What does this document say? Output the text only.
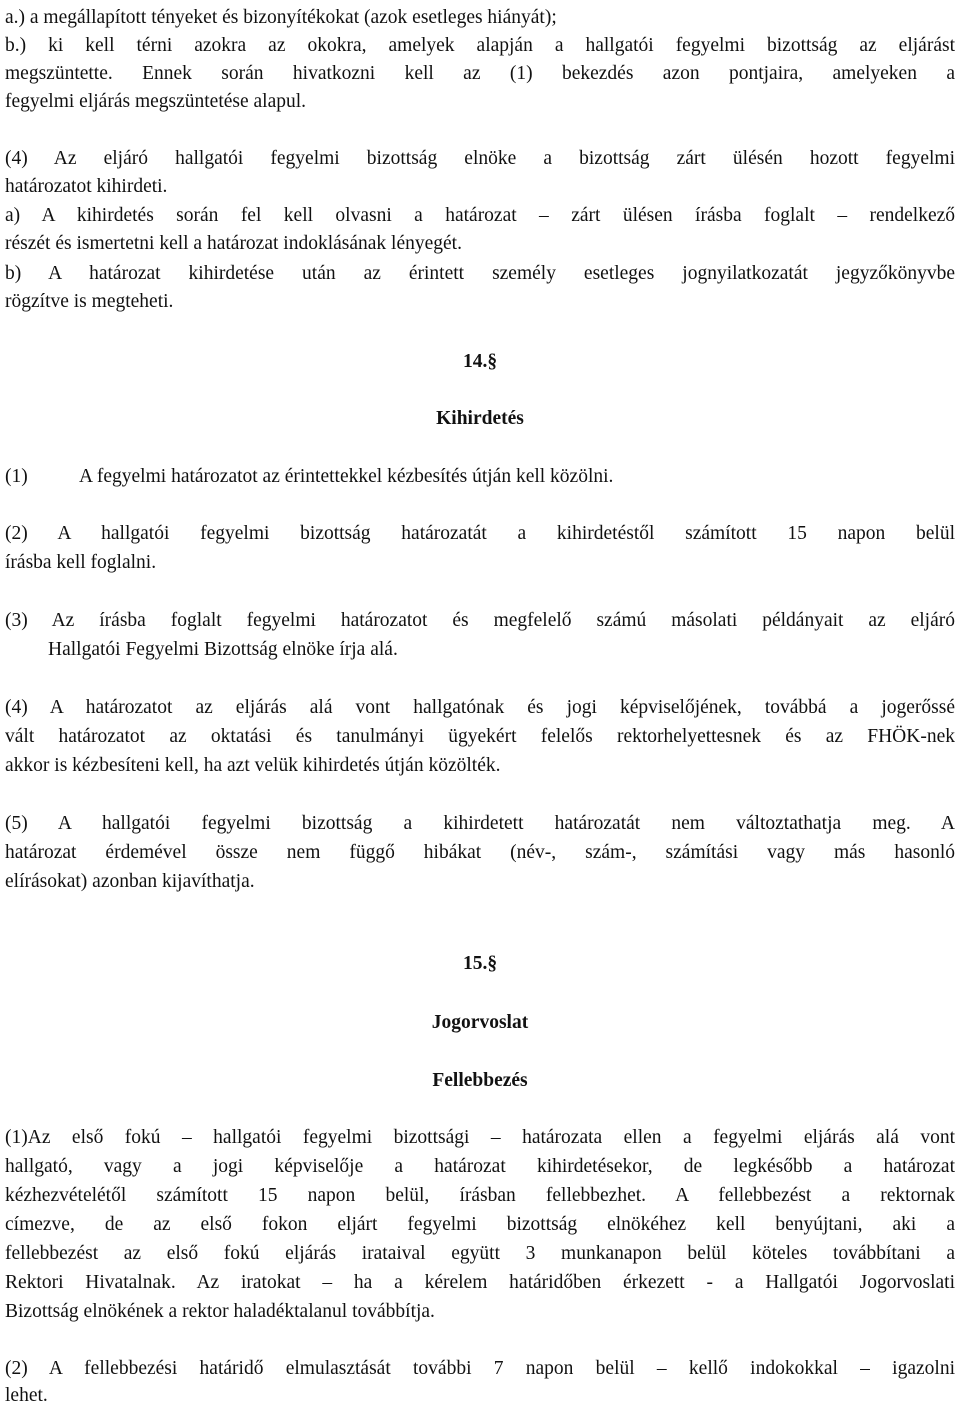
a.) a megállapított tényeket és bizonyítékokat (azok esetleges hiányát);
b.) ki kell térni azokra az okokra, amelyek alapján a hallgatói fegyelmi bizottság az eljárást
megszüntette. Ennek során hivatkozni kell az (1) bekezdés azon pontjaira, amelyeken a
fegyelmi eljárás megszüntetése alapul.
(4) Az eljáró hallgatói fegyelmi bizottság elnöke a bizottság zárt ülésén hozott fegyelmi
határozatot kihirdeti.
a) A kihirdetés során fel kell olvasni a határozat – zárt ülésen írásba foglalt – rendelkező
részét és ismertetni kell a határozat indoklásának lényegét.
b) A határozat kihirdetése után az érintett személy esetleges jognyilatkozatát jegyzőkönyvbe
rögzítve is megteheti.
14.§
Kihirdetés
(1)	A fegyelmi határozatot az érintettekkel kézbesítés útján kell közölni.
(2) A hallgatói fegyelmi bizottság határozatát a kihirdetéstől számított 15 napon belül
írásba kell foglalni.
(3) Az írásba foglalt fegyelmi határozatot és megfelelő számú másolati példányait az eljáró
Hallgatói Fegyelmi Bizottság elnöke írja alá.
(4) A határozatot az eljárás alá vont hallgatónak és jogi képviselőjének, továbbá a jogerőssé
vált határozatot az oktatási és tanulmányi ügyekért felelős rektorhelyettesnek és az FHÖK-nek
akkor is kézbesíteni kell, ha azt velük kihirdetés útján közölték.
(5) A hallgatói fegyelmi bizottság a kihirdetett határozatát nem változtathatja meg. A
határozat érdemével össze nem függő hibákat (név-, szám-, számítási vagy más hasonló
elírásokat) azonban kijavíthatja.
15.§
Jogorvoslat
Fellebbezés
(1)Az első fokú – hallgatói fegyelmi bizottsági – határozata ellen a fegyelmi eljárás alá vont
hallgató, vagy a jogi képviselője a határozat kihirdetésekor, de legkésőbb a határozat
kézhezvételétől számított 15 napon belül, írásban fellebbezhet. A fellebbezést a rektornak
címezve, de az első fokon eljárt fegyelmi bizottság elnökéhez kell benyújtani, aki a
fellebbezést az első fokú eljárás irataival együtt 3 munkanapon belül köteles továbbítani a
Rektori Hivatalnak. Az iratokat – ha a kérelem határidőben érkezett - a Hallgatói Jogorvoslati
Bizottság elnökének a rektor haladéktalanul továbbítja.
(2) A fellebbezési határidő elmulasztását további 7 napon belül – kellő indokokkal – igazolni
lehet.
